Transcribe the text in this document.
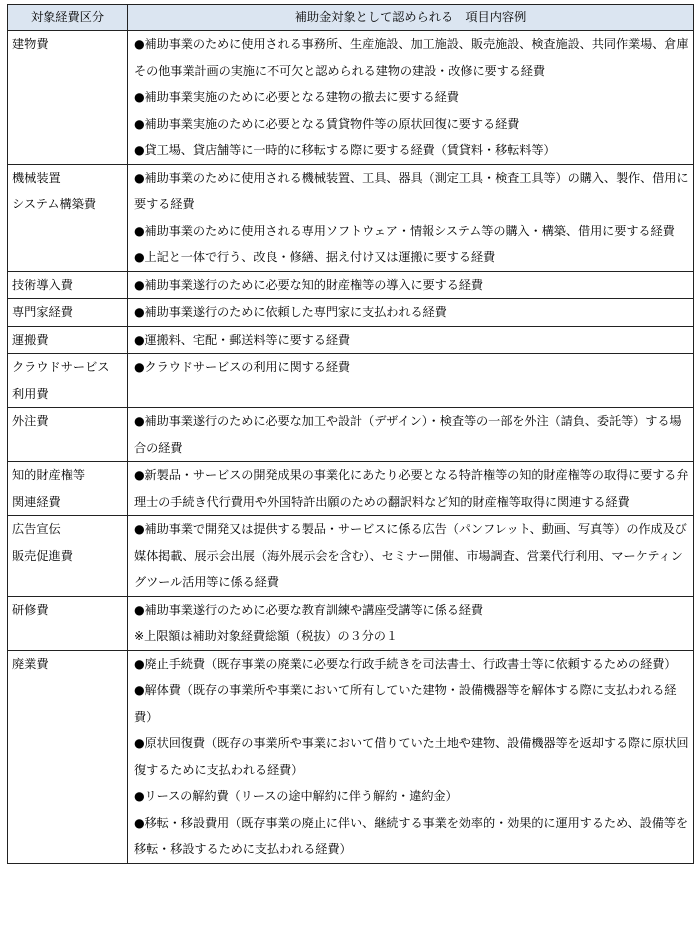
対象経費区分	補助金対象として認められる　項目内容例

建物費	●補助事業のために使用される事務所、生産施設、加工施設、販売施設、検査施設、共同作業場、倉庫その他事業計画の実施に不可欠と認められる建物の建設・改修に要する経費
●補助事業実施のために必要となる建物の撤去に要する経費
●補助事業実施のために必要となる賃貸物件等の原状回復に要する経費
●貸工場、貸店舗等に一時的に移転する際に要する経費（賃貸料・移転料等）

機械装置
システム構築費	●補助事業のために使用される機械装置、工具、器具（測定工具・検査工具等）の購入、製作、借用に要する経費
●補助事業のために使用される専用ソフトウェア・情報システム等の購入・構築、借用に要する経費
●上記と一体で行う、改良・修繕、据え付け又は運搬に要する経費

技術導入費	●補助事業遂行のために必要な知的財産権等の導入に要する経費

専門家経費	●補助事業遂行のために依頼した専門家に支払われる経費

運搬費	●運搬料、宅配・郵送料等に要する経費

クラウドサービス
利用費	●クラウドサービスの利用に関する経費

外注費	●補助事業遂行のために必要な加工や設計（デザイン）・検査等の一部を外注（請負、委託等）する場合の経費

知的財産権等
関連経費	●新製品・サービスの開発成果の事業化にあたり必要となる特許権等の知的財産権等の取得に要する弁理士の手続き代行費用や外国特許出願のための翻訳料など知的財産権等取得に関連する経費

広告宣伝
販売促進費	●補助事業で開発又は提供する製品・サービスに係る広告（パンフレット、動画、写真等）の作成及び媒体掲載、展示会出展（海外展示会を含む）、セミナー開催、市場調査、営業代行利用、マーケティングツール活用等に係る経費

研修費	●補助事業遂行のために必要な教育訓練や講座受講等に係る経費
※上限額は補助対象経費総額（税抜）の３分の１

廃業費	●廃止手続費（既存事業の廃業に必要な行政手続きを司法書士、行政書士等に依頼するための経費）
●解体費（既存の事業所や事業において所有していた建物・設備機器等を解体する際に支払われる経費）
●原状回復費（既存の事業所や事業において借りていた土地や建物、設備機器等を返却する際に原状回復するために支払われる経費）
●リースの解約費（リースの途中解約に伴う解約・違約金）
●移転・移設費用（既存事業の廃止に伴い、継続する事業を効率的・効果的に運用するため、設備等を移転・移設するために支払われる経費）
